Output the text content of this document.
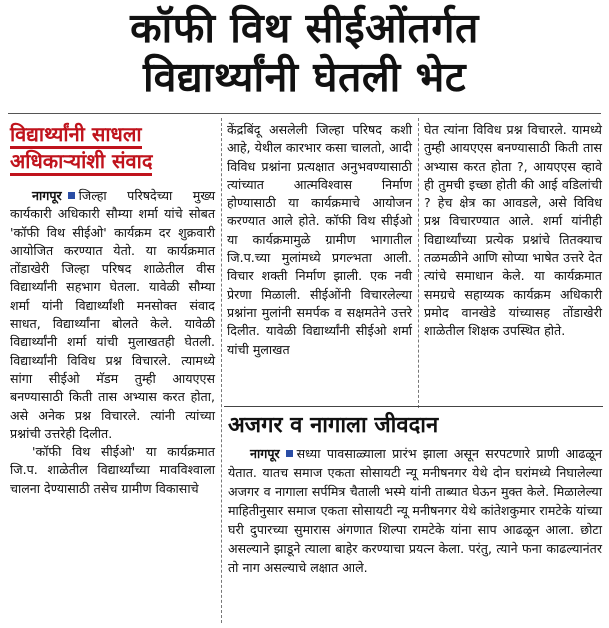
कॉफी विथ सीईओंतर्गत
विद्यार्थ्यांनी घेतली भेट
विद्यार्थ्यांनी साधला
अधिकाऱ्यांशी संवाद

नागपूर जिल्हा परिषदेच्या मुख्य कार्यकारी अधिकारी सौम्या शर्मा यांचे सोबत 'कॉफी विथ सीईओ' कार्यक्रम दर शुक्रवारी आयोजित करण्यात येतो. या कार्यक्रमात तोंडाखेरी जिल्हा परिषद शाळेतील वीस विद्यार्थ्यांनी सहभाग घेतला. यावेळी सौम्या शर्मा यांनी विद्यार्थ्यांशी मनसोक्त संवाद साधत, विद्यार्थ्यांना बोलते केले. यावेळी विद्यार्थ्यांनी शर्मा यांची मुलाखतही घेतली. विद्यार्थ्यांनी विविध प्रश्न विचारले. त्यामध्ये सांगा सीईओ मॅडम तुम्ही आयएएस बनण्यासाठी किती तास अभ्यास करत होता, असे अनेक प्रश्न विचारले. त्यांनी त्यांच्या प्रश्नांची उत्तरेही दिलीत.

'कॉफी विथ सीईओ' या कार्यक्रमात जि.प. शाळेतील विद्यार्थ्यांच्या मावविश्वाला चालना देण्यासाठी तसेच ग्रामीण विकासाचे

केंद्रबिंदू असलेली जिल्हा परिषद कशी आहे, येथील कारभार कसा चालतो, आदी विविध प्रश्नांना प्रत्यक्षात अनुभवण्यासाठी त्यांच्यात आत्मविश्वास निर्माण होण्यासाठी या कार्यक्रमाचे आयोजन करण्यात आले होते. कॉफी विथ सीईओ या कार्यक्रमामुळे ग्रामीण भागातील जि.प.च्या मुलांमध्ये प्रगल्भता आली. विचार शक्ती निर्माण झाली. एक नवी प्रेरणा मिळाली. सीईओंनी विचारलेल्या प्रश्नांना मुलांनी समर्पक व सक्षमतेने उत्तरे दिलीत. यावेळी विद्यार्थ्यांनी सीईओ शर्मा यांची मुलाखत

घेत त्यांना विविध प्रश्न विचारले. यामध्ये तुम्ही आयएएस बनण्यासाठी किती तास अभ्यास करत होता ?, आयएएस व्हावे ही तुमची इच्छा होती की आई वडिलांची ? हेच क्षेत्र का आवडले, असे विविध प्रश्न विचारण्यात आले. शर्मा यांनीही विद्यार्थ्यांच्या प्रत्येक प्रश्नांचे तितक्याच तळमळीने आणि सोप्या भाषेत उत्तरे देत त्यांचे समाधान केले. या कार्यक्रमात समग्रचे सहाय्यक कार्यक्रम अधिकारी प्रमोद वानखेडे यांच्यासह तोंडाखेरी शाळेतील शिक्षक उपस्थित होते.

अजगर व नागाला जीवदान

नागपूर सध्या पावसाळ्याला प्रारंभ झाला असून सरपटणारे प्राणी आढळून येतात. यातच समाज एकता सोसायटी न्यू मनीषनगर येथे दोन घरांमध्ये निघालेल्या अजगर व नागाला सर्पमित्र चैताली भस्मे यांनी ताब्यात घेऊन मुक्त केले. मिळालेल्या माहितीनुसार समाज एकता सोसायटी न्यू मनीषनगर येथे कांतेशकुमार रामटेके यांच्या घरी दुपारच्या सुमारास अंगणात शिल्पा रामटेके यांना साप आढळून आला. छोटा असल्याने झाडूने त्याला बाहेर करण्याचा प्रयत्न केला. परंतु, त्याने फना काढल्यानंतर तो नाग असल्याचे लक्षात आले.
